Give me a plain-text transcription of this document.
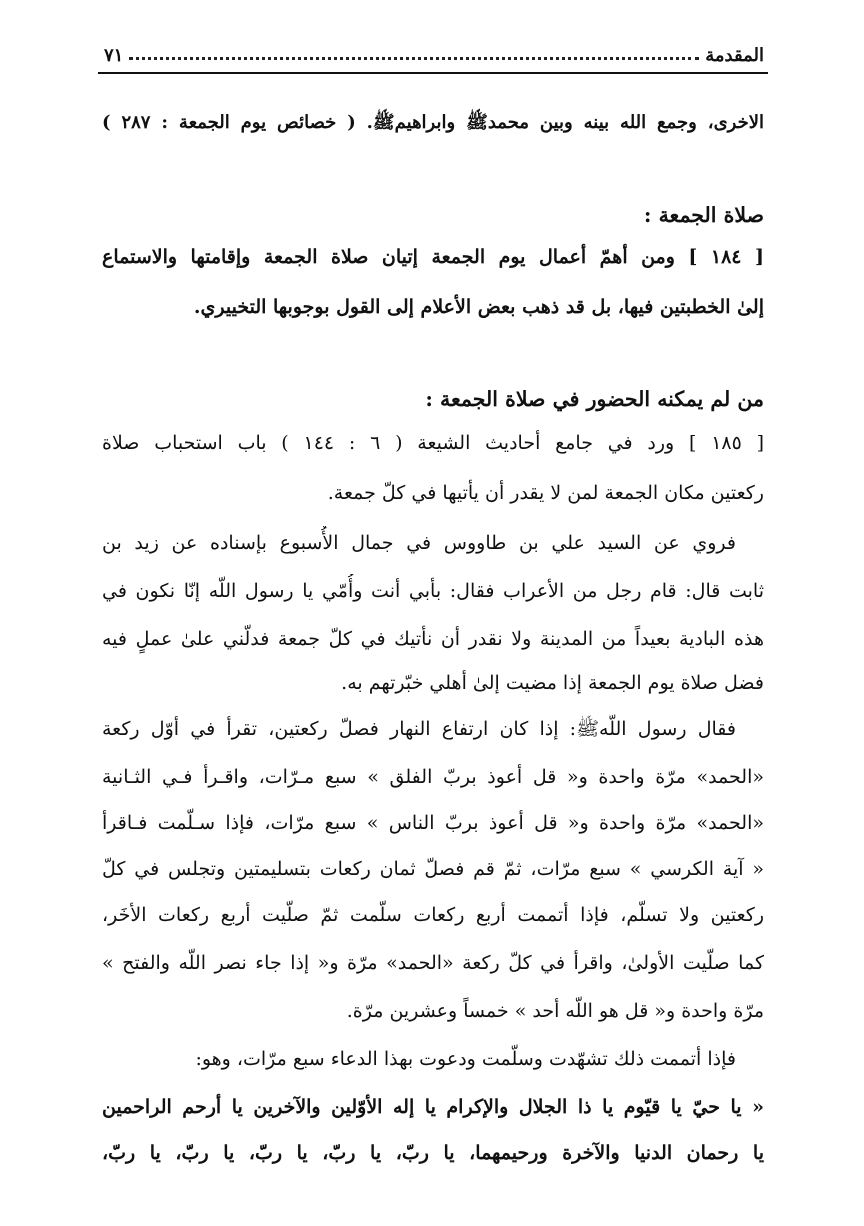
المقدمة
٧١
الاخرى، وجمع الله بينه وبين محمدﷺ وابراهيمﷺ. ( خصائص يوم الجمعة : ٢٨٧ )
صلاة الجمعة :
[ ١٨٤ ] ومن أهمّ أعمال يوم الجمعة إتيان صلاة الجمعة وإقامتها والاستماع
إلىٰ الخطبتين فيها، بل قد ذهب بعض الأعلام إلى القول بوجوبها التخييري.
من لم يمكنه الحضور في صلاة الجمعة :
[ ١٨٥ ] ورد في جامع أحاديث الشيعة ( ٦ : ١٤٤ ) باب استحباب صلاة
ركعتين مكان الجمعة لمن لا يقدر أن يأتيها في كلّ جمعة.
فروي عن السيد علي بن طاووس في جمال الأُسبوع بإسناده عن زيد بن
ثابت قال: قام رجل من الأعراب فقال: بأبي أنت وأُمّي يا رسول اللّه إنّا نكون في
هذه البادية بعيداً من المدينة ولا نقدر أن نأتيك في كلّ جمعة فدلّني علىٰ عملٍ فيه
فضل صلاة يوم الجمعة إذا مضيت إلىٰ أهلي خبّرتهم به.
فقال رسول اللّهﷺ: إذا كان ارتفاع النهار فصلّ ركعتين، تقرأ في أوّل ركعة
«الحمد» مرّة واحدة و« قل أعوذ بربّ الفلق » سبع مـرّات، واقـرأ فـي الثـانية
«الحمد» مرّة واحدة و« قل أعوذ بربّ الناس » سبع مرّات، فإذا سـلّمت فـاقرأ
« آية الكرسي » سبع مرّات، ثمّ قم فصلّ ثمان ركعات بتسليمتين وتجلس في كلّ
ركعتين ولا تسلّم، فإذا أتممت أربع ركعات سلّمت ثمّ صلّيت أربع ركعات الأخَر،
كما صلّيت الأولىٰ، واقرأ في كلّ ركعة «الحمد» مرّة و« إذا جاء نصر اللّه والفتح »
مرّة واحدة و« قل هو اللّه أحد » خمساً وعشرين مرّة.
فإذا أتممت ذلك تشهّدت وسلّمت ودعوت بهذا الدعاء سبع مرّات، وهو:
« يا حيّ يا قيّوم يا ذا الجلال والإكرام يا إله الأوّلين والآخرين يا أرحم الراحمين
يا رحمان الدنيا والآخرة ورحيمهما، يا ربّ، يا ربّ، يا ربّ، يا ربّ، يا ربّ،
